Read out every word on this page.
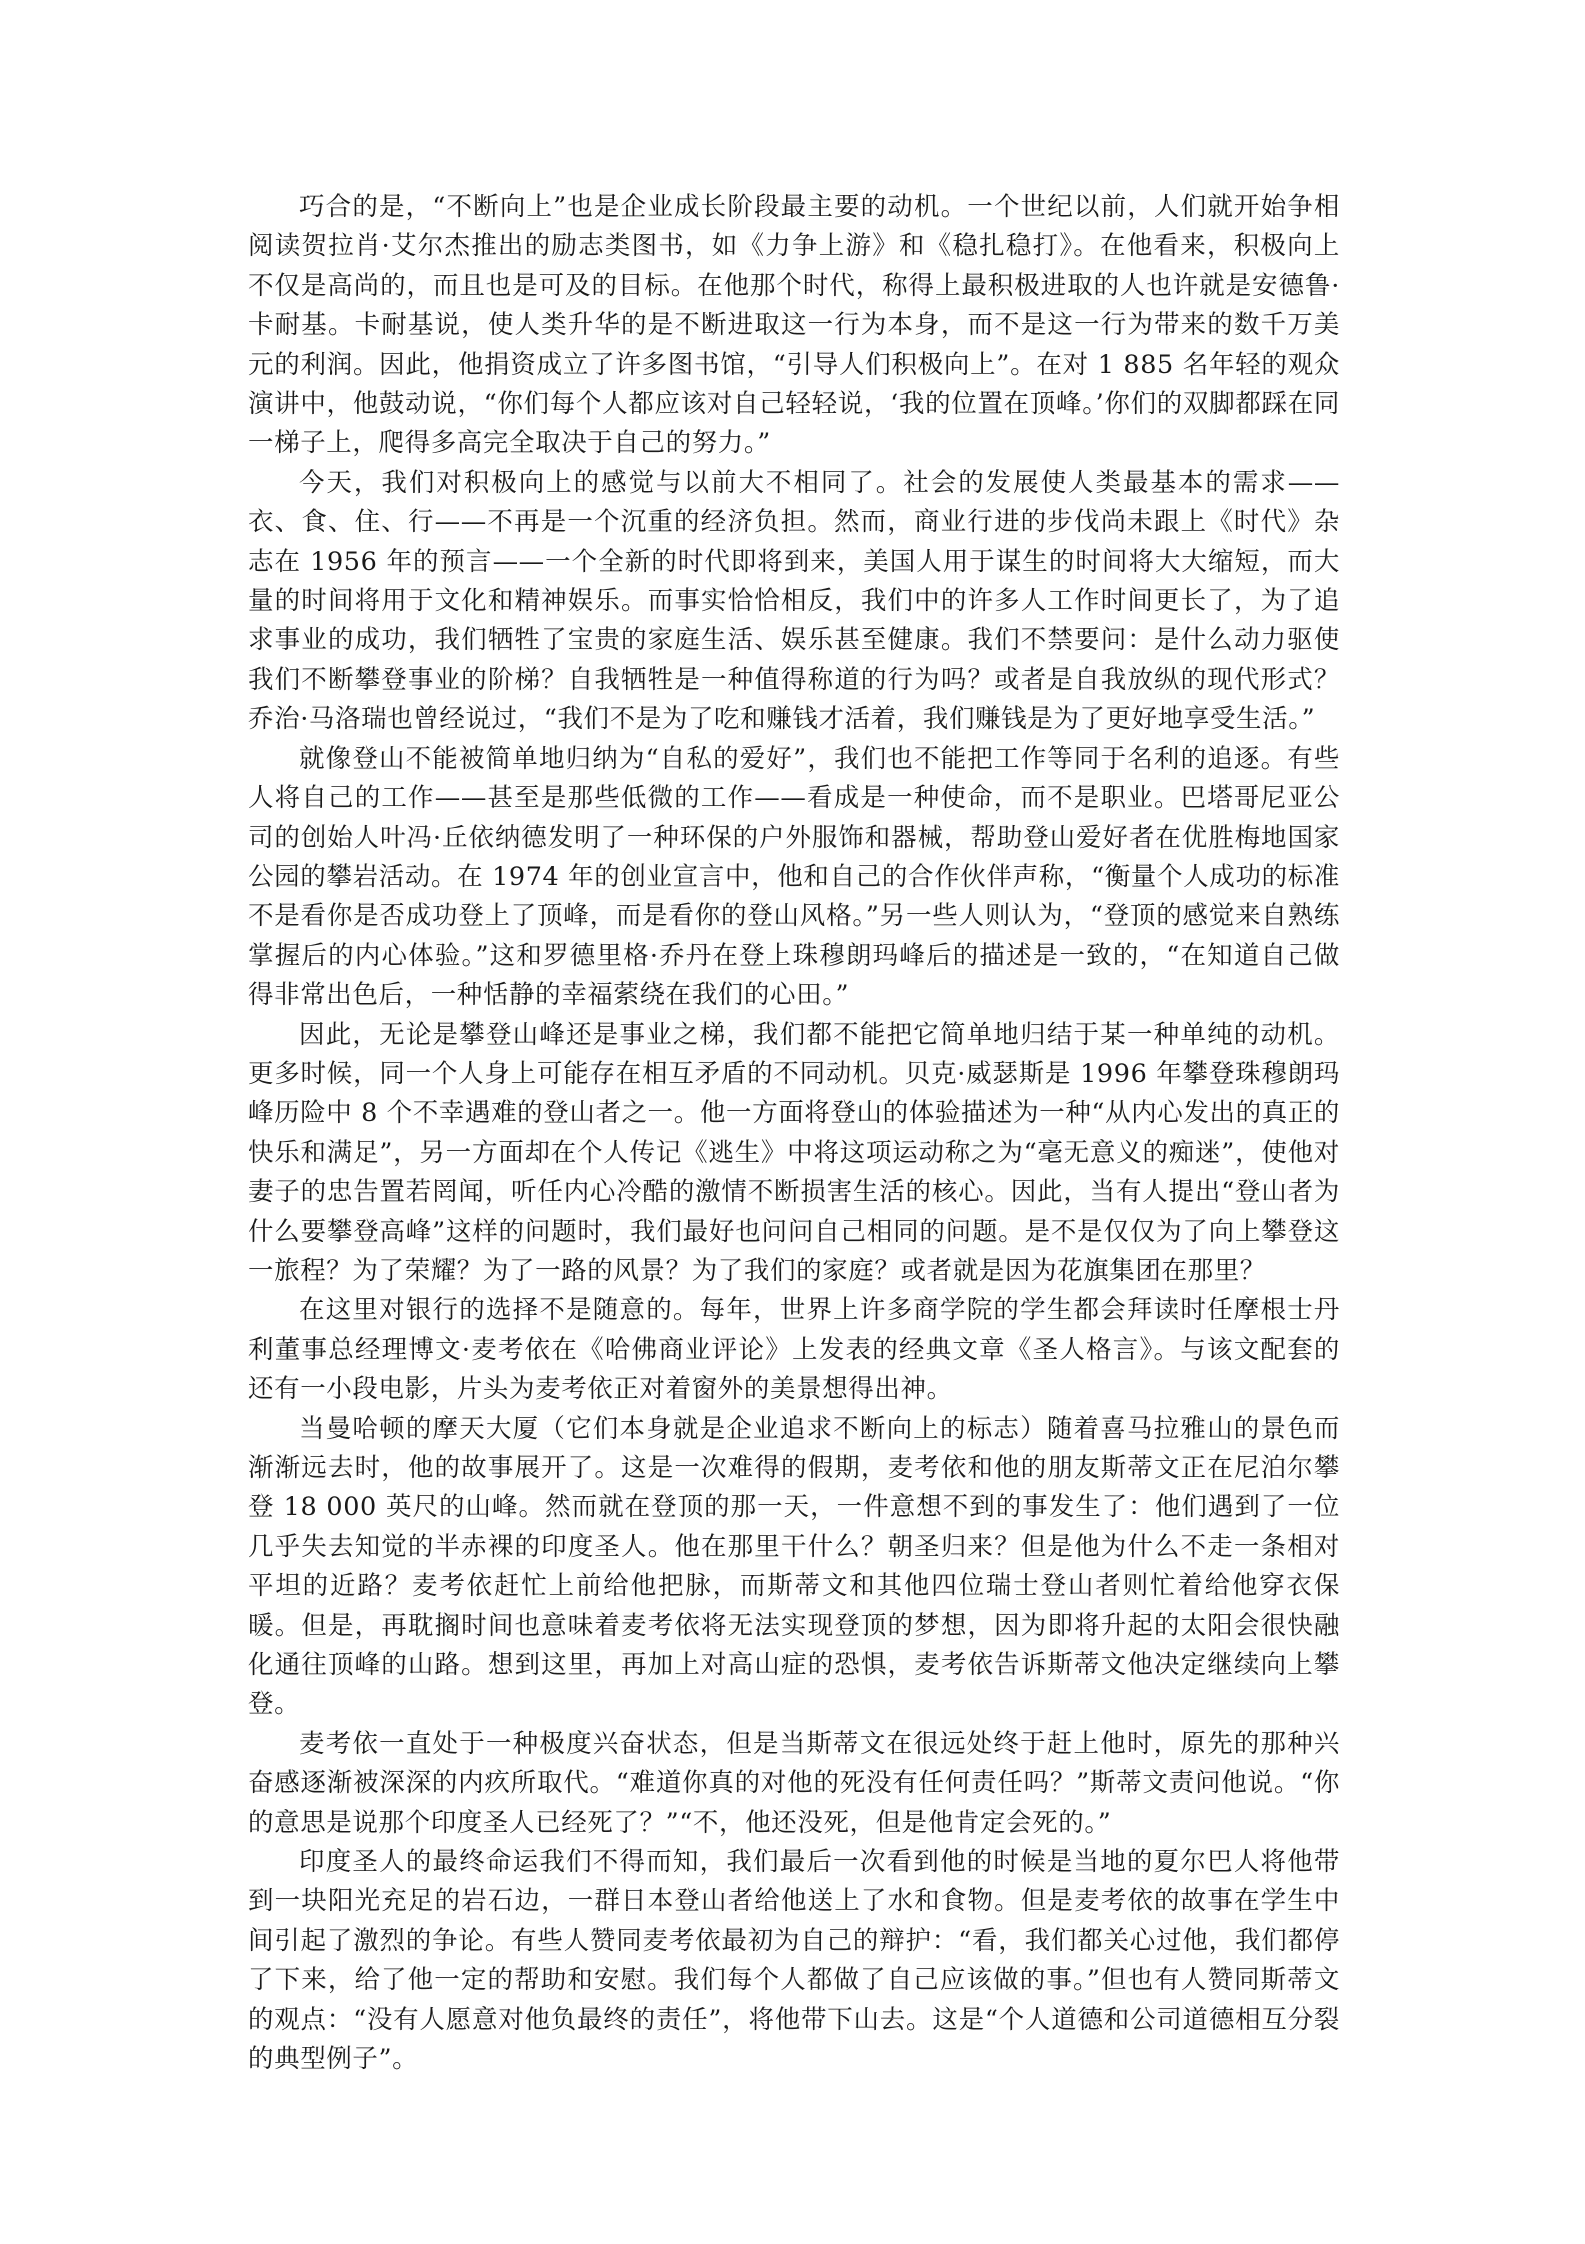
巧合的是，“不断向上”也是企业成长阶段最主要的动机。一个世纪以前，人们就开始争相阅读贺拉肖·艾尔杰推出的励志类图书，如《力争上游》和《稳扎稳打》。在他看来，积极向上不仅是高尚的，而且也是可及的目标。在他那个时代，称得上最积极进取的人也许就是安德鲁·卡耐基。卡耐基说，使人类升华的是不断进取这一行为本身，而不是这一行为带来的数千万美元的利润。因此，他捐资成立了许多图书馆，“引导人们积极向上”。在对 1 885 名年轻的观众演讲中，他鼓动说，“你们每个人都应该对自己轻轻说，‘我的位置在顶峰。’你们的双脚都踩在同一梯子上，爬得多高完全取决于自己的努力。”

今天，我们对积极向上的感觉与以前大不相同了。社会的发展使人类最基本的需求——衣、食、住、行——不再是一个沉重的经济负担。然而，商业行进的步伐尚未跟上《时代》杂志在 1956 年的预言——一个全新的时代即将到来，美国人用于谋生的时间将大大缩短，而大量的时间将用于文化和精神娱乐。而事实恰恰相反，我们中的许多人工作时间更长了，为了追求事业的成功，我们牺牲了宝贵的家庭生活、娱乐甚至健康。我们不禁要问：是什么动力驱使我们不断攀登事业的阶梯？自我牺牲是一种值得称道的行为吗？或者是自我放纵的现代形式？乔治·马洛瑞也曾经说过，“我们不是为了吃和赚钱才活着，我们赚钱是为了更好地享受生活。”

就像登山不能被简单地归纳为“自私的爱好”，我们也不能把工作等同于名利的追逐。有些人将自己的工作——甚至是那些低微的工作——看成是一种使命，而不是职业。巴塔哥尼亚公司的创始人叶冯·丘依纳德发明了一种环保的户外服饰和器械，帮助登山爱好者在优胜梅地国家公园的攀岩活动。在 1974 年的创业宣言中，他和自己的合作伙伴声称，“衡量个人成功的标准不是看你是否成功登上了顶峰，而是看你的登山风格。”另一些人则认为，“登顶的感觉来自熟练掌握后的内心体验。”这和罗德里格·乔丹在登上珠穆朗玛峰后的描述是一致的，“在知道自己做得非常出色后，一种恬静的幸福萦绕在我们的心田。”

因此，无论是攀登山峰还是事业之梯，我们都不能把它简单地归结于某一种单纯的动机。更多时候，同一个人身上可能存在相互矛盾的不同动机。贝克·威瑟斯是 1996 年攀登珠穆朗玛峰历险中 8 个不幸遇难的登山者之一。他一方面将登山的体验描述为一种“从内心发出的真正的快乐和满足”，另一方面却在个人传记《逃生》中将这项运动称之为“毫无意义的痴迷”，使他对妻子的忠告置若罔闻，听任内心冷酷的激情不断损害生活的核心。因此，当有人提出“登山者为什么要攀登高峰”这样的问题时，我们最好也问问自己相同的问题。是不是仅仅为了向上攀登这一旅程？为了荣耀？为了一路的风景？为了我们的家庭？或者就是因为花旗集团在那里？

在这里对银行的选择不是随意的。每年，世界上许多商学院的学生都会拜读时任摩根士丹利董事总经理博文·麦考依在《哈佛商业评论》上发表的经典文章《圣人格言》。与该文配套的还有一小段电影，片头为麦考依正对着窗外的美景想得出神。

当曼哈顿的摩天大厦（它们本身就是企业追求不断向上的标志）随着喜马拉雅山的景色而渐渐远去时，他的故事展开了。这是一次难得的假期，麦考依和他的朋友斯蒂文正在尼泊尔攀登 18 000 英尺的山峰。然而就在登顶的那一天，一件意想不到的事发生了：他们遇到了一位几乎失去知觉的半赤裸的印度圣人。他在那里干什么？朝圣归来？但是他为什么不走一条相对平坦的近路？麦考依赶忙上前给他把脉，而斯蒂文和其他四位瑞士登山者则忙着给他穿衣保暖。但是，再耽搁时间也意味着麦考依将无法实现登顶的梦想，因为即将升起的太阳会很快融化通往顶峰的山路。想到这里，再加上对高山症的恐惧，麦考依告诉斯蒂文他决定继续向上攀登。

麦考依一直处于一种极度兴奋状态，但是当斯蒂文在很远处终于赶上他时，原先的那种兴奋感逐渐被深深的内疚所取代。“难道你真的对他的死没有任何责任吗？”斯蒂文责问他说。“你的意思是说那个印度圣人已经死了？”“不，他还没死，但是他肯定会死的。”

印度圣人的最终命运我们不得而知，我们最后一次看到他的时候是当地的夏尔巴人将他带到一块阳光充足的岩石边，一群日本登山者给他送上了水和食物。但是麦考依的故事在学生中间引起了激烈的争论。有些人赞同麦考依最初为自己的辩护：“看，我们都关心过他，我们都停了下来，给了他一定的帮助和安慰。我们每个人都做了自己应该做的事。”但也有人赞同斯蒂文的观点：“没有人愿意对他负最终的责任”，将他带下山去。这是“个人道德和公司道德相互分裂的典型例子”。
